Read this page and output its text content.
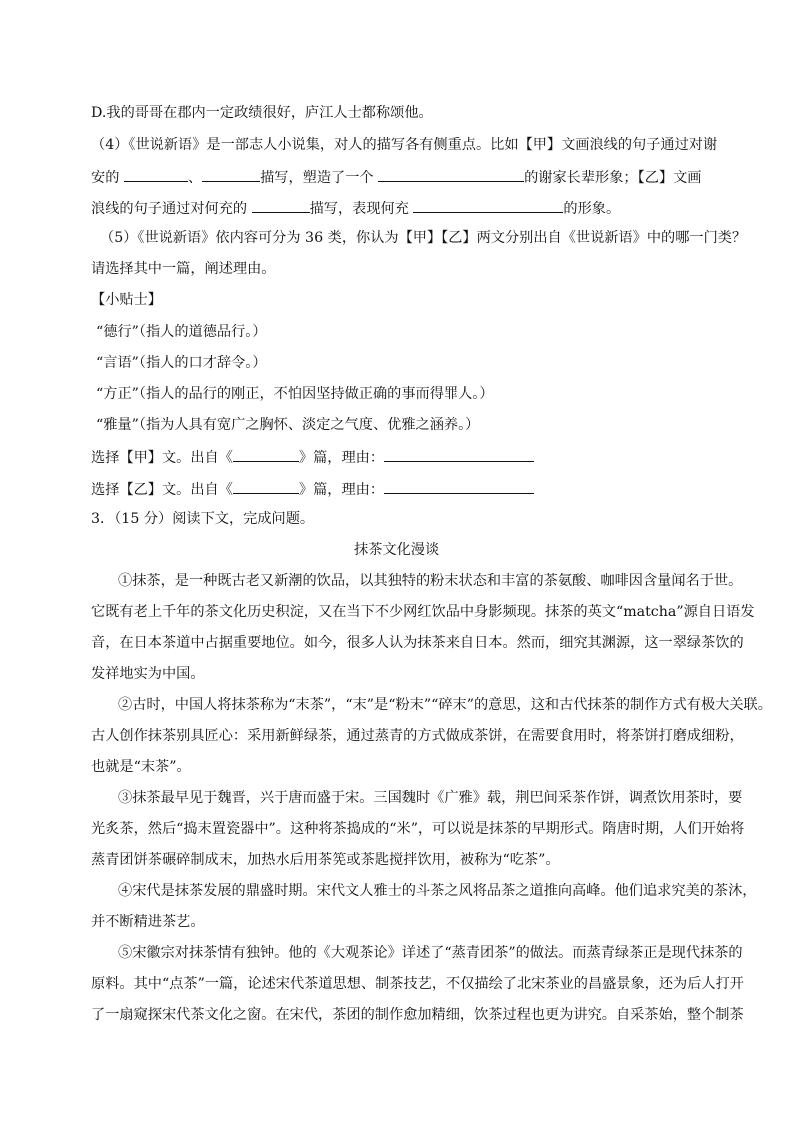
D.我的哥哥在郡内一定政绩很好，庐江人士都称颂他。
（4）《世说新语》是一部志人小说集，对人的描写各有侧重点。比如【甲】文画浪线的句子通过对谢
安的	、	描写，塑造了一个	的谢家长辈形象；【乙】文画
浪线的句子通过对何充的	描写，表现何充	的形象。
（5）《世说新语》依内容可分为 36 类，你认为【甲】【乙】两文分别出自《世说新语》中的哪一门类？
请选择其中一篇，阐述理由。
【小贴士】
“德行”（指人的道德品行。）
“言语”（指人的口才辞令。）
“方正”（指人的品行的刚正，不怕因坚持做正确的事而得罪人。）
“雅量”（指为人具有宽广之胸怀、淡定之气度、优雅之涵养。）
选择【甲】文。出自《	》篇，理由：
选择【乙】文。出自《	》篇，理由：
3．（15 分）阅读下文，完成问题。
抹茶文化漫谈
①抹茶，是一种既古老又新潮的饮品，以其独特的粉末状态和丰富的茶氨酸、咖啡因含量闻名于世。
它既有老上千年的茶文化历史积淀，又在当下不少网红饮品中身影频现。抹茶的英文“matcha”源自日语发
音，在日本茶道中占据重要地位。如今，很多人认为抹茶来自日本。然而，细究其渊源，这一翠绿茶饮的
发祥地实为中国。
②古时，中国人将抹茶称为“末茶”，“末”是“粉末”“碎末”的意思，这和古代抹茶的制作方式有极大关联。
古人创作抹茶别具匠心：采用新鲜绿茶，通过蒸青的方式做成茶饼，在需要食用时，将茶饼打磨成细粉，
也就是“末茶”。
③抹茶最早见于魏晋，兴于唐而盛于宋。三国魏时《广雅》载，荆巴间采茶作饼，调煮饮用茶时，要
光炙茶，然后“捣末置瓷器中”。这种将茶捣成的“米”，可以说是抹茶的早期形式。隋唐时期，人们开始将
蒸青团饼茶碾碎制成末，加热水后用茶筅或茶匙搅拌饮用，被称为“吃茶”。
④宋代是抹茶发展的鼎盛时期。宋代文人雅士的斗茶之风将品茶之道推向高峰。他们追求究美的茶沐，
并不断精进茶艺。
⑤宋徽宗对抹茶情有独钟。他的《大观茶论》详述了“蒸青团茶”的做法。而蒸青绿茶正是现代抹茶的
原料。其中“点茶”一篇，论述宋代茶道思想、制茶技艺，不仅描绘了北宋茶业的昌盛景象，还为后人打开
了一扇窥探宋代茶文化之窗。在宋代，茶团的制作愈加精细，饮茶过程也更为讲究。自采茶始，整个制茶
